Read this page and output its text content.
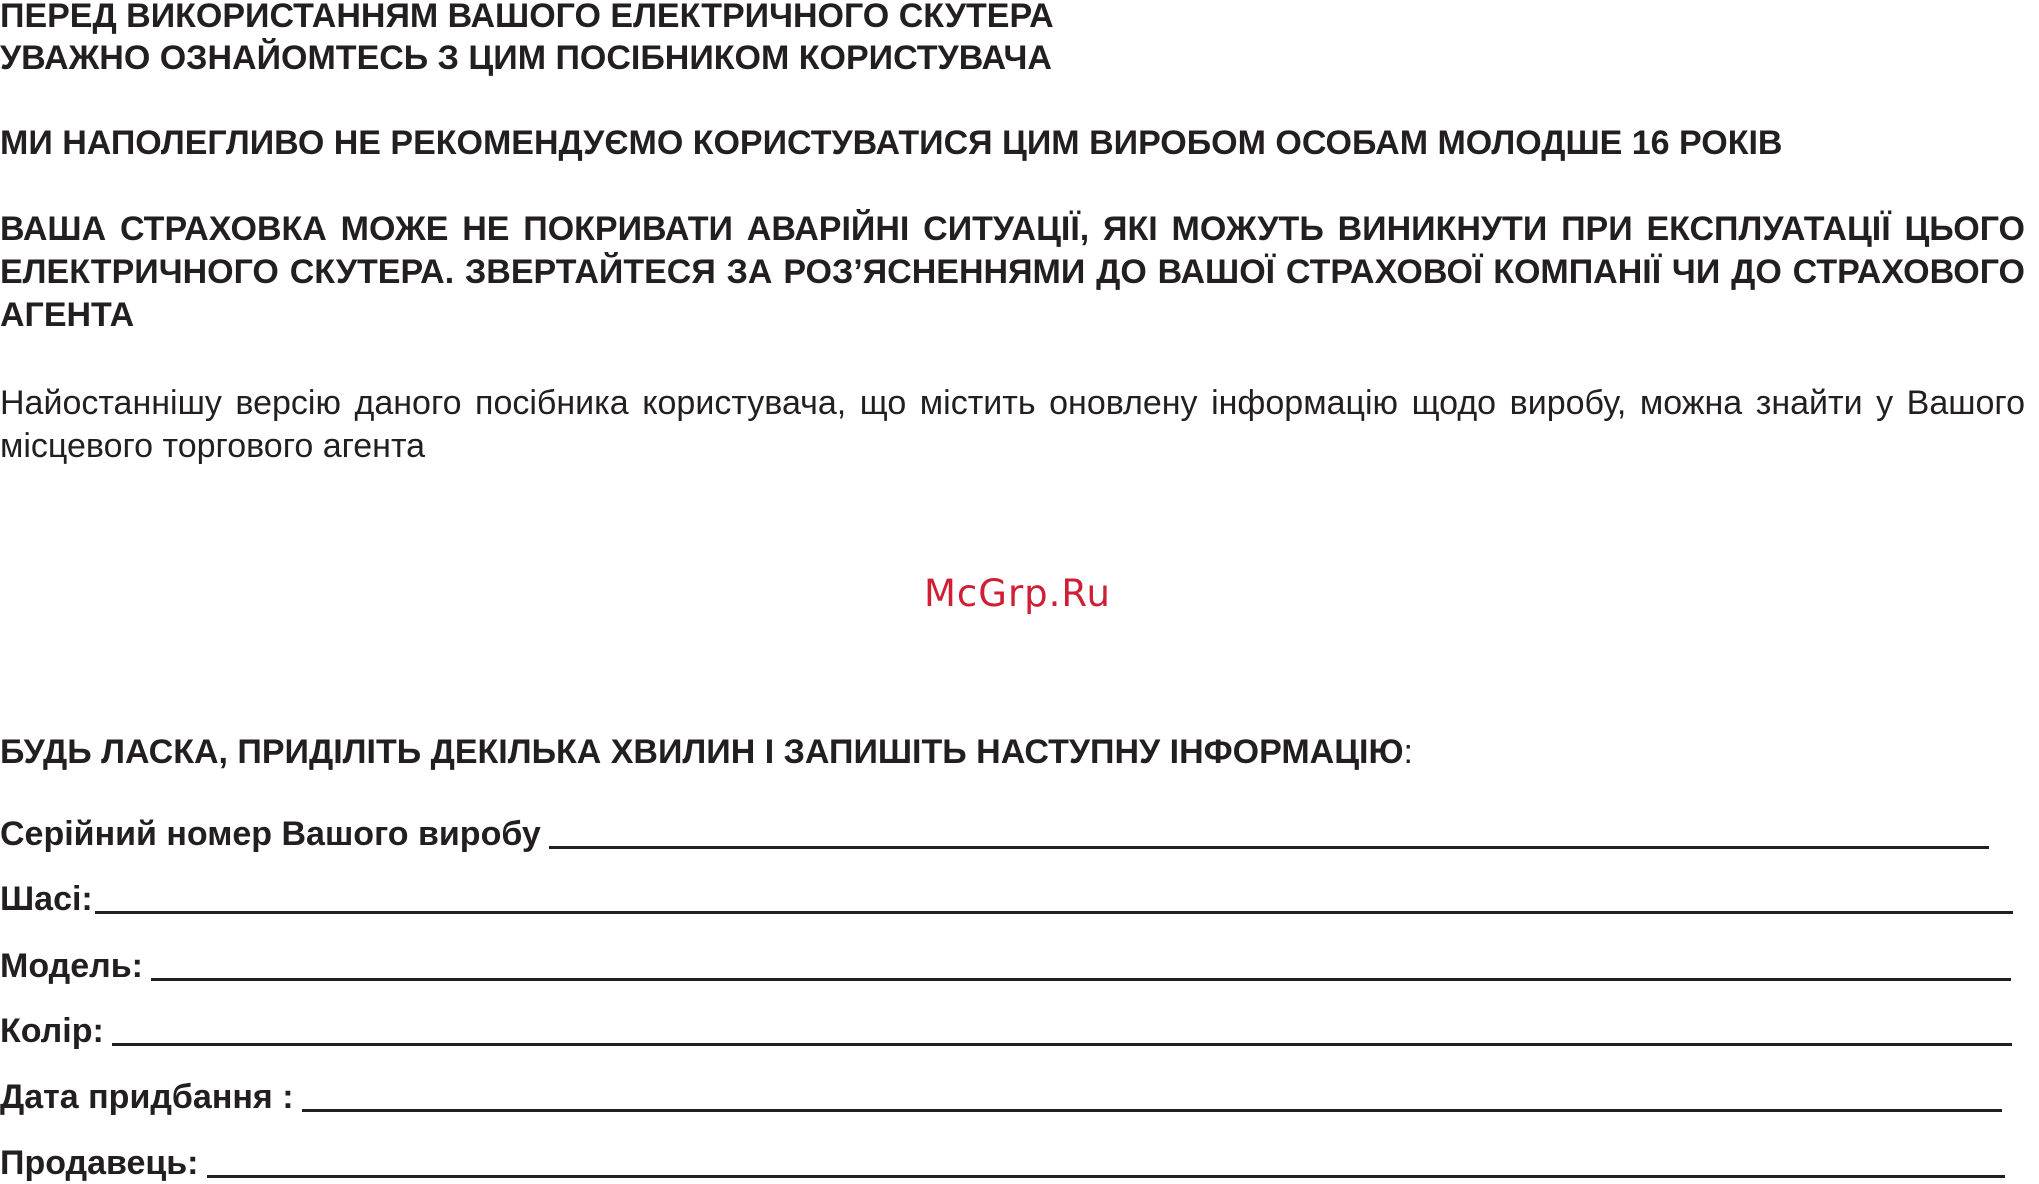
ПЕРЕД ВИКОРИСТАННЯМ ВАШОГО ЕЛЕКТРИЧНОГО СКУТЕРА
УВАЖНО ОЗНАЙОМТЕСЬ З ЦИМ ПОСІБНИКОМ КОРИСТУВАЧА
МИ НАПОЛЕГЛИВО НЕ РЕКОМЕНДУЄМО КОРИСТУВАТИСЯ ЦИМ ВИРОБОМ ОСОБАМ МОЛОДШЕ 16 РОКІВ
ВАША СТРАХОВКА МОЖЕ НЕ ПОКРИВАТИ АВАРІЙНІ СИТУАЦІЇ, ЯКІ МОЖУТЬ ВИНИКНУТИ ПРИ ЕКСПЛУАТАЦІЇ ЦЬОГО ЕЛЕКТРИЧНОГО СКУТЕРА. ЗВЕРТАЙТЕСЯ ЗА РОЗ’ЯСНЕННЯМИ ДО ВАШОЇ СТРАХОВОЇ КОМПАНІЇ ЧИ ДО СТРАХОВОГО АГЕНТА
Найостаннішу версію даного посібника користувача, що містить оновлену інформацію щодо виробу, можна знайти у Вашого місцевого торгового агента
McGrp.Ru
БУДЬ ЛАСКА, ПРИДІЛІТЬ ДЕКІЛЬКА ХВИЛИН І ЗАПИШІТЬ НАСТУПНУ ІНФОРМАЦІЮ:
Серійний номер Вашого виробу
Шасі:
Модель:
Колір:
Дата придбання :
Продавець:
